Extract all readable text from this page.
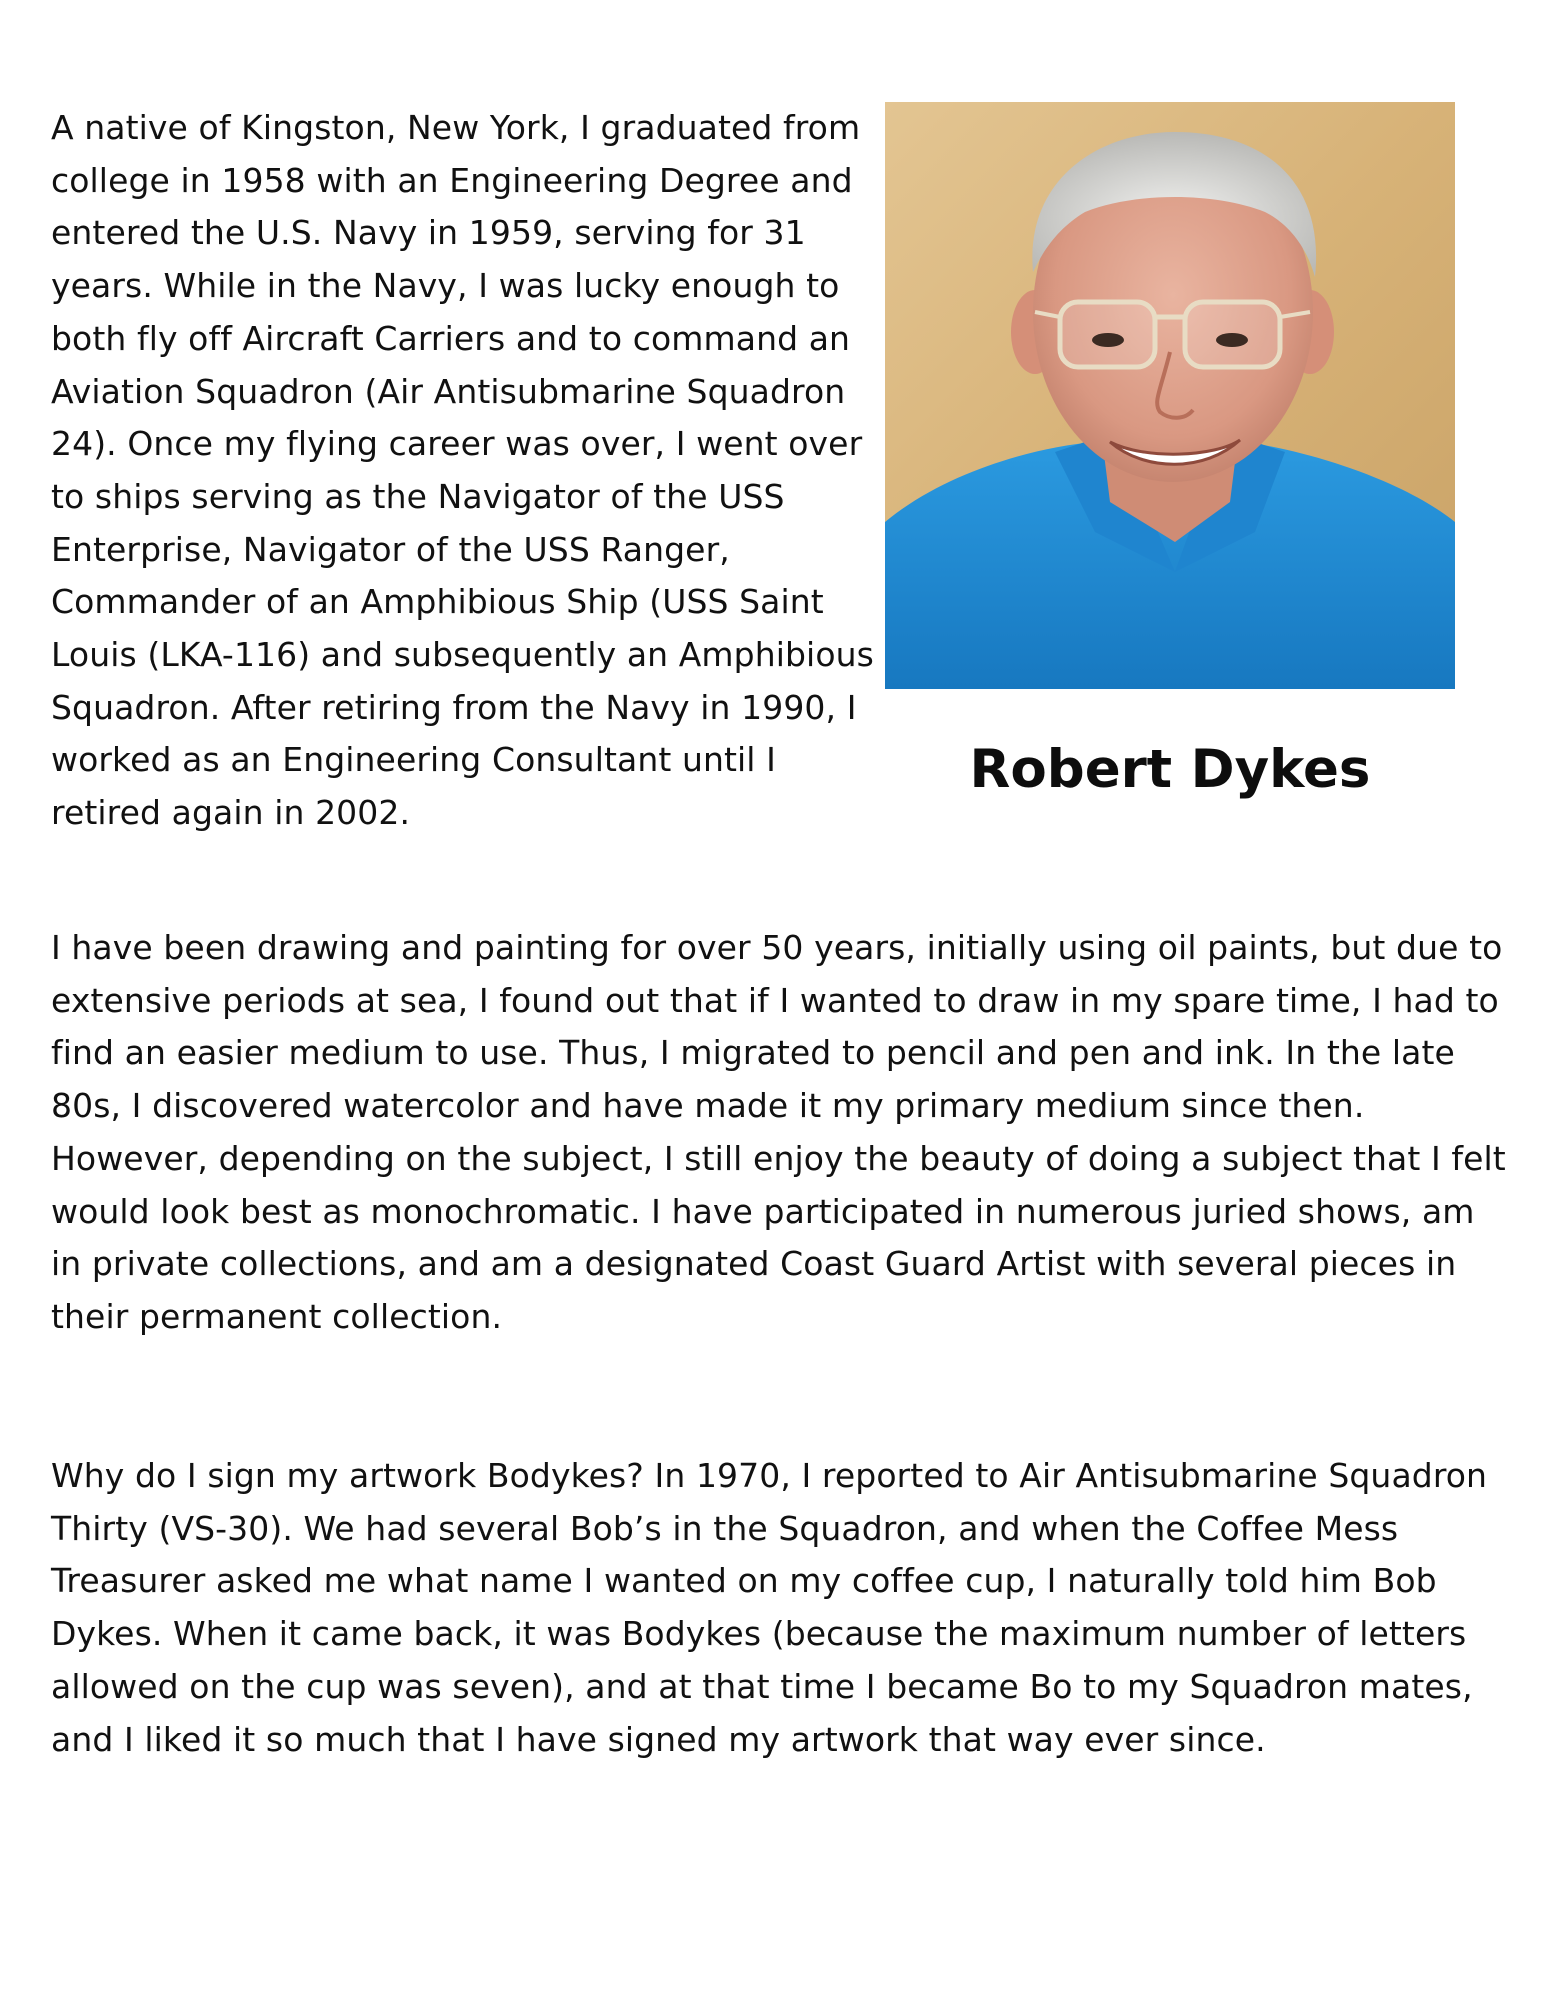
A native of Kingston, New York, I graduated from college in 1958 with an Engineering Degree and entered the U.S. Navy in 1959, serving for 31 years. While in the Navy, I was lucky enough to both fly off Aircraft Carriers and to command an Aviation Squadron (Air Antisubmarine Squadron 24). Once my flying career was over, I went over to ships serving as the Navigator of the USS Enterprise, Navigator of the USS Ranger, Commander of an Amphibious Ship (USS Saint Louis (LKA-116) and subsequently an Amphibious Squadron. After retiring from the Navy in 1990, I worked as an Engineering Consultant until I retired again in 2002.

Robert Dykes

I have been drawing and painting for over 50 years, initially using oil paints, but due to extensive periods at sea, I found out that if I wanted to draw in my spare time, I had to find an easier medium to use. Thus, I migrated to pencil and pen and ink. In the late 80s, I discovered watercolor and have made it my primary medium since then. However, depending on the subject, I still enjoy the beauty of doing a subject that I felt would look best as monochromatic. I have participated in numerous juried shows, am in private collections, and am a designated Coast Guard Artist with several pieces in their permanent collection.

Why do I sign my artwork Bodykes? In 1970, I reported to Air Antisubmarine Squadron Thirty (VS-30). We had several Bob’s in the Squadron, and when the Coffee Mess Treasurer asked me what name I wanted on my coffee cup, I naturally told him Bob Dykes. When it came back, it was Bodykes (because the maximum number of letters allowed on the cup was seven), and at that time I became Bo to my Squadron mates, and I liked it so much that I have signed my artwork that way ever since.
